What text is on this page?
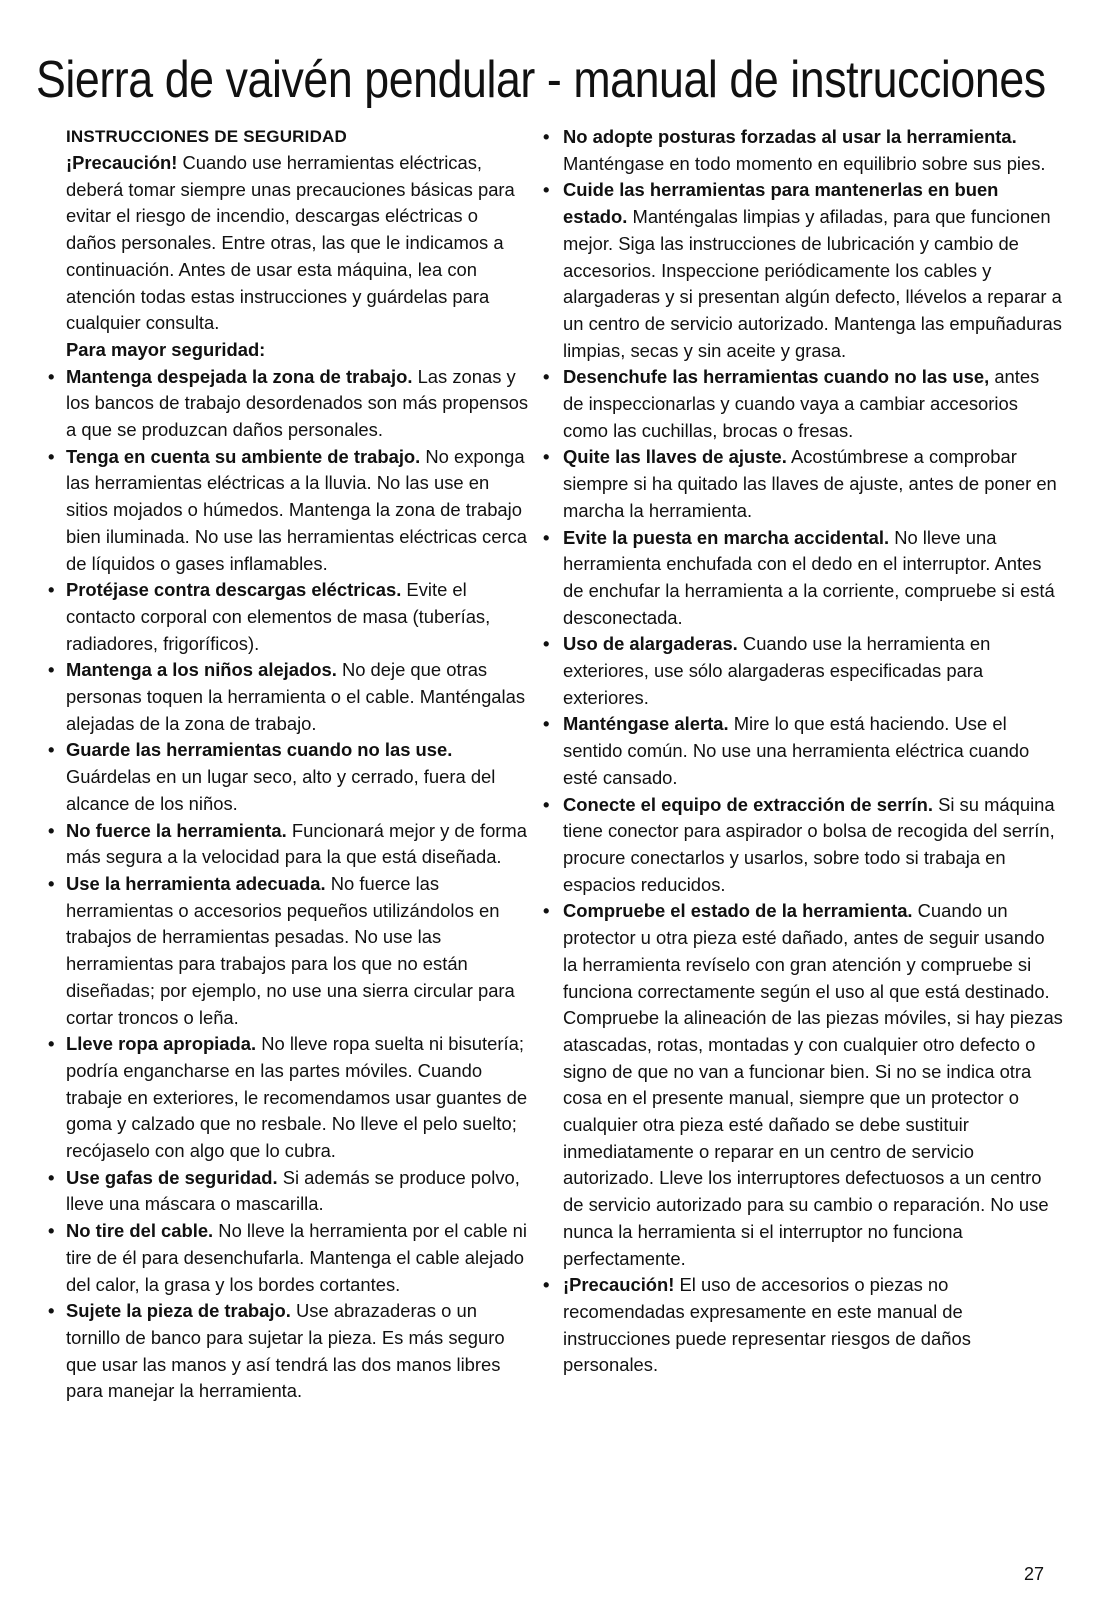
Sierra de vaivén pendular - manual de instrucciones

INSTRUCCIONES DE SEGURIDAD

¡Precaución! Cuando use herramientas eléctricas, deberá tomar siempre unas precauciones básicas para evitar el riesgo de incendio, descargas eléctricas o daños personales. Entre otras, las que le indicamos a continuación. Antes de usar esta máquina, lea con atención todas estas instrucciones y guárdelas para cualquier consulta.

Para mayor seguridad:

• Mantenga despejada la zona de trabajo. Las zonas y los bancos de trabajo desordenados son más propensos a que se produzcan daños personales.
• Tenga en cuenta su ambiente de trabajo. No exponga las herramientas eléctricas a la lluvia. No las use en sitios mojados o húmedos. Mantenga la zona de trabajo bien iluminada. No use las herramientas eléctricas cerca de líquidos o gases inflamables.
• Protéjase contra descargas eléctricas. Evite el contacto corporal con elementos de masa (tuberías, radiadores, frigoríficos).
• Mantenga a los niños alejados. No deje que otras personas toquen la herramienta o el cable. Manténgalas alejadas de la zona de trabajo.
• Guarde las herramientas cuando no las use. Guárdelas en un lugar seco, alto y cerrado, fuera del alcance de los niños.
• No fuerce la herramienta. Funcionará mejor y de forma más segura a la velocidad para la que está diseñada.
• Use la herramienta adecuada. No fuerce las herramientas o accesorios pequeños utilizándolos en trabajos de herramientas pesadas. No use las herramientas para trabajos para los que no están diseñadas; por ejemplo, no use una sierra circular para cortar troncos o leña.
• Lleve ropa apropiada. No lleve ropa suelta ni bisutería; podría engancharse en las partes móviles. Cuando trabaje en exteriores, le recomendamos usar guantes de goma y calzado que no resbale. No lleve el pelo suelto; recójaselo con algo que lo cubra.
• Use gafas de seguridad. Si además se produce polvo, lleve una máscara o mascarilla.
• No tire del cable. No lleve la herramienta por el cable ni tire de él para desenchufarla. Mantenga el cable alejado del calor, la grasa y los bordes cortantes.
• Sujete la pieza de trabajo. Use abrazaderas o un tornillo de banco para sujetar la pieza. Es más seguro que usar las manos y así tendrá las dos manos libres para manejar la herramienta.
• No adopte posturas forzadas al usar la herramienta. Manténgase en todo momento en equilibrio sobre sus pies.
• Cuide las herramientas para mantenerlas en buen estado. Manténgalas limpias y afiladas, para que funcionen mejor. Siga las instrucciones de lubricación y cambio de accesorios. Inspeccione periódicamente los cables y alargaderas y si presentan algún defecto, llévelos a reparar a un centro de servicio autorizado. Mantenga las empuñaduras limpias, secas y sin aceite y grasa.
• Desenchufe las herramientas cuando no las use, antes de inspeccionarlas y cuando vaya a cambiar accesorios como las cuchillas, brocas o fresas.
• Quite las llaves de ajuste. Acostúmbrese a comprobar siempre si ha quitado las llaves de ajuste, antes de poner en marcha la herramienta.
• Evite la puesta en marcha accidental. No lleve una herramienta enchufada con el dedo en el interruptor. Antes de enchufar la herramienta a la corriente, compruebe si está desconectada.
• Uso de alargaderas. Cuando use la herramienta en exteriores, use sólo alargaderas especificadas para exteriores.
• Manténgase alerta. Mire lo que está haciendo. Use el sentido común. No use una herramienta eléctrica cuando esté cansado.
• Conecte el equipo de extracción de serrín. Si su máquina tiene conector para aspirador o bolsa de recogida del serrín, procure conectarlos y usarlos, sobre todo si trabaja en espacios reducidos.
• Compruebe el estado de la herramienta. Cuando un protector u otra pieza esté dañado, antes de seguir usando la herramienta revíselo con gran atención y compruebe si funciona correctamente según el uso al que está destinado. Compruebe la alineación de las piezas móviles, si hay piezas atascadas, rotas, montadas y con cualquier otro defecto o signo de que no van a funcionar bien. Si no se indica otra cosa en el presente manual, siempre que un protector o cualquier otra pieza esté dañado se debe sustituir inmediatamente o reparar en un centro de servicio autorizado. Lleve los interruptores defectuosos a un centro de servicio autorizado para su cambio o reparación. No use nunca la herramienta si el interruptor no funciona perfectamente.
• ¡Precaución! El uso de accesorios o piezas no recomendadas expresamente en este manual de instrucciones puede representar riesgos de daños personales.
27
